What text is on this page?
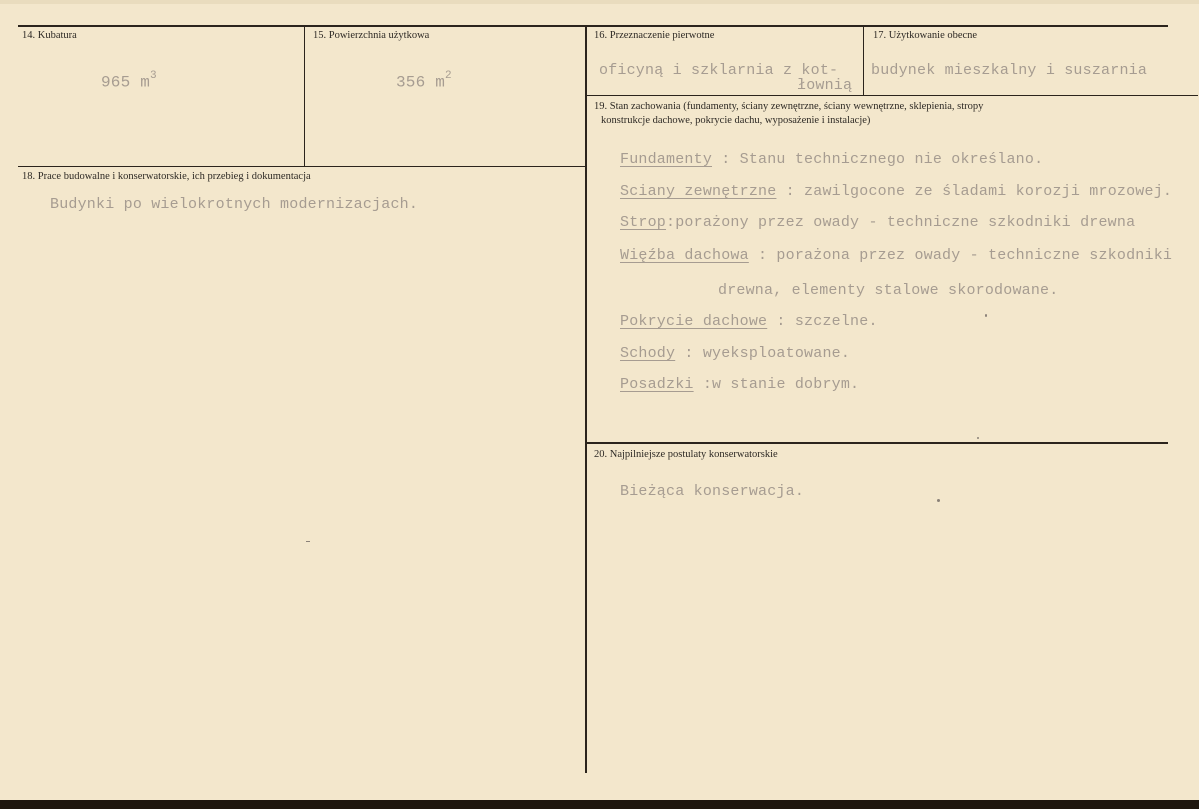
14. Kubatura
965 $m^3$
15. Powierzchnia użytkowa
356 $m^2$
16. Przeznaczenie pierwotne
oficyną i szklarnia z kot-
łownią
17. Użytkowanie obecne
budynek mieszkalny i suszarnia
18. Prace budowalne i konserwatorskie, ich przebieg i dokumentacja
Budynki po wielokrotnych modernizacjach.
19. Stan zachowania (fundamenty, ściany zewnętrzne, ściany wewnętrzne, sklepienia, stropy
konstrukcje dachowe, pokrycie dachu, wyposażenie i instalacje)
Fundamenty : Stanu technicznego nie określano.
Sciany zewnętrzne : zawilgocone ze śladami korozji mrozowej.
Strop:porażony przez owady - techniczne szkodniki drewna
Więźba dachowa : porażona przez owady - techniczne szkodniki
drewna, elementy stalowe skorodowane.
Pokrycie dachowe : szczelne.
Schody : wyeksploatowane.
Posadzki :w stanie dobrym.
20. Najpilniejsze postulaty konserwatorskie
Bieżąca konserwacja.
